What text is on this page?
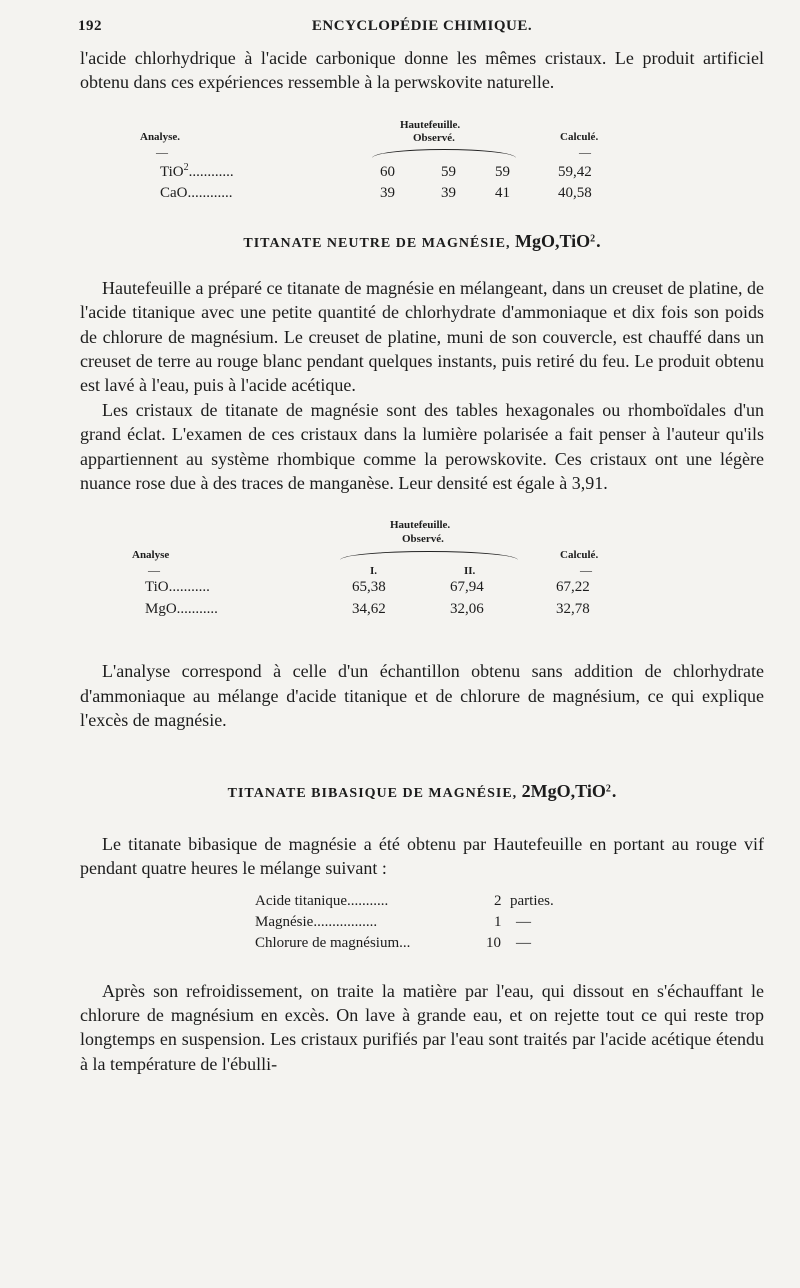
192	ENCYCLOPÉDIE CHIMIQUE.

l'acide chlorhydrique à l'acide carbonique donne les mêmes cristaux. Le produit artificiel obtenu dans ces expériences ressemble à la perwskovite naturelle.

Analyse.
Hautefeuille.
Observé.	Calculé.
—	—
TiO$^2$............	60	59	59	59,42
CaO............	39	39	41	40,58

TITANATE NEUTRE DE MAGNÉSIE, MgO,TiO$^2$.

Hautefeuille a préparé ce titanate de magnésie en mélangeant, dans un creuset de platine, de l'acide titanique avec une petite quantité de chlorhydrate d'ammoniaque et dix fois son poids de chlorure de magnésium. Le creuset de platine, muni de son couvercle, est chauffé dans un creuset de terre au rouge blanc pendant quelques instants, puis retiré du feu. Le produit obtenu est lavé à l'eau, puis à l'acide acétique.

Les cristaux de titanate de magnésie sont des tables hexagonales ou rhomboïdales d'un grand éclat. L'examen de ces cristaux dans la lumière polarisée a fait penser à l'auteur qu'ils appartiennent au système rhombique comme la perowskovite. Ces cristaux ont une légère nuance rose due à des traces de manganèse. Leur densité est égale à 3,91.

Hautefeuille.
Observé.
Analyse	Calculé.
—	I.	II.	—
TiO...........	65,38	67,94	67,22
MgO...........	34,62	32,06	32,78

L'analyse correspond à celle d'un échantillon obtenu sans addition de chlorhydrate d'ammoniaque au mélange d'acide titanique et de chlorure de magnésium, ce qui explique l'excès de magnésie.

TITANATE BIBASIQUE DE MAGNÉSIE, 2MgO,TiO$^2$.

Le titanate bibasique de magnésie a été obtenu par Hautefeuille en portant au rouge vif pendant quatre heures le mélange suivant :

Acide titanique...........	2 parties.
Magnésie.................	1 —
Chlorure de magnésium...	10 —

Après son refroidissement, on traite la matière par l'eau, qui dissout en s'échauffant le chlorure de magnésium en excès. On lave à grande eau, et on rejette tout ce qui reste trop longtemps en suspension. Les cristaux purifiés par l'eau sont traités par l'acide acétique étendu à la température de l'ébulli-
